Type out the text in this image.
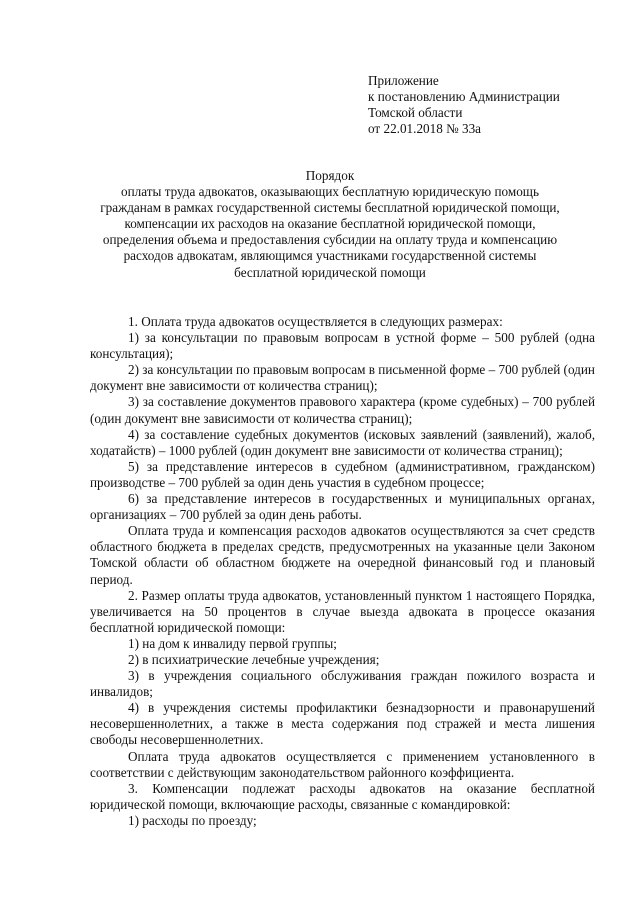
Приложение
к постановлению Администрации
Томской области
от 22.01.2018 № 33а
Порядок
оплаты труда адвокатов, оказывающих бесплатную юридическую помощь
гражданам в рамках государственной системы бесплатной юридической помощи,
компенсации их расходов на оказание бесплатной юридической помощи,
определения объема и предоставления субсидии на оплату труда и компенсацию
расходов адвокатам, являющимся участниками государственной системы
бесплатной юридической помощи

1. Оплата труда адвокатов осуществляется в следующих размерах:

1) за консультации по правовым вопросам в устной форме – 500 рублей (одна консультация);

2) за консультации по правовым вопросам в письменной форме – 700 рублей (один документ вне зависимости от количества страниц);

3) за составление документов правового характера (кроме судебных) – 700 рублей (один документ вне зависимости от количества страниц);

4) за составление судебных документов (исковых заявлений (заявлений), жалоб, ходатайств) – 1000 рублей (один документ вне зависимости от количества страниц);

5) за представление интересов в судебном (административном, гражданском) производстве – 700 рублей за один день участия в судебном процессе;

6) за представление интересов в государственных и муниципальных органах, организациях – 700 рублей за один день работы.

Оплата труда и компенсация расходов адвокатов осуществляются за счет средств областного бюджета в пределах средств, предусмотренных на указанные цели Законом Томской области об областном бюджете на очередной финансовый год и плановый период.

2. Размер оплаты труда адвокатов, установленный пунктом 1 настоящего Порядка, увеличивается на 50 процентов в случае выезда адвоката в процессе оказания бесплатной юридической помощи:

1) на дом к инвалиду первой группы;

2) в психиатрические лечебные учреждения;

3) в учреждения социального обслуживания граждан пожилого возраста и инвалидов;

4) в учреждения системы профилактики безнадзорности и правонарушений несовершеннолетних, а также в места содержания под стражей и места лишения свободы несовершеннолетних.

Оплата труда адвокатов осуществляется с применением установленного в соответствии с действующим законодательством районного коэффициента.

3. Компенсации подлежат расходы адвокатов на оказание бесплатной юридической помощи, включающие расходы, связанные с командировкой:

1) расходы по проезду;
